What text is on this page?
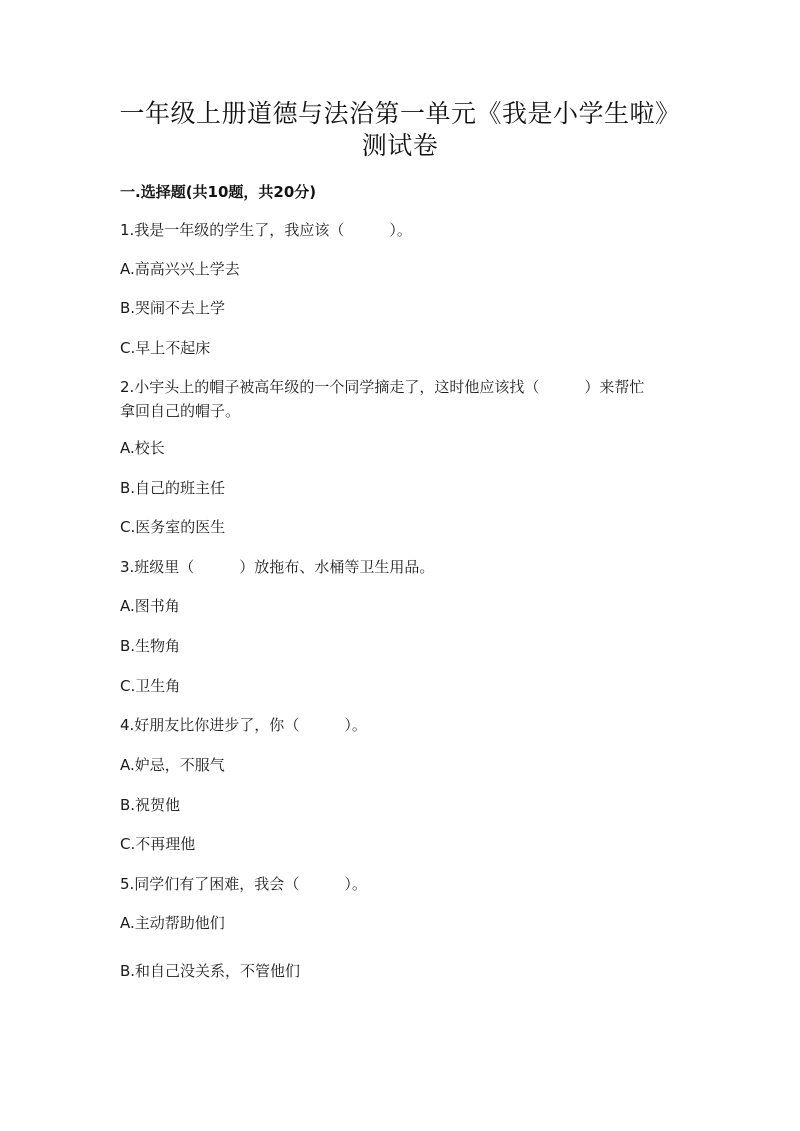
一年级上册道德与法治第一单元《我是小学生啦》
测试卷
一.选择题(共10题，共20分)
1.我是一年级的学生了，我应该（　　　）。
A.高高兴兴上学去
B.哭闹不去上学
C.早上不起床
2.小宇头上的帽子被高年级的一个同学摘走了，这时他应该找（　　　）来帮忙
拿回自己的帽子。
A.校长
B.自己的班主任
C.医务室的医生
3.班级里（　　　）放拖布、水桶等卫生用品。
A.图书角
B.生物角
C.卫生角
4.好朋友比你进步了，你（　　　）。
A.妒忌，不服气
B.祝贺他
C.不再理他
5.同学们有了困难，我会（　　　）。
A.主动帮助他们
B.和自己没关系，不管他们
